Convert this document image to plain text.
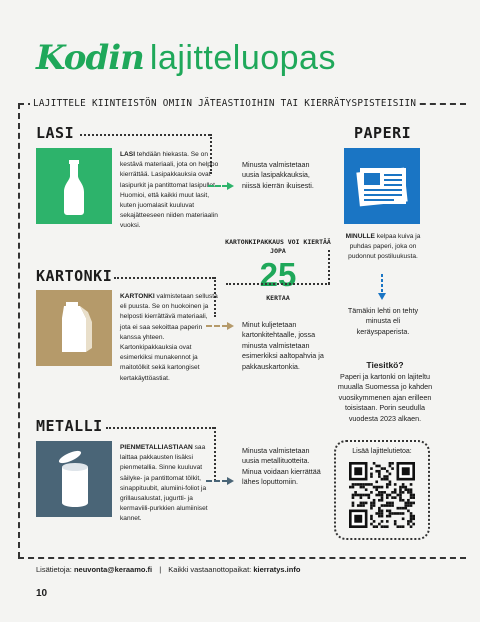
Kodin lajitteluopas
LAJITTELE KIINTEISTÖN OMIIN JÄTEASTIOIHIN TAI KIERRÄTYSPISTEISIIN
LASI
LASI tehdään hiekasta. Se on kestävä materiaali, jota on helppo kierrättää. Lasipakkauksia ovat lasipurkit ja pantittomat lasipullot. Huomioi, että kaikki muut lasit, kuten juomalasit kuuluvat sekajätteeseen niiden materiaalin vuoksi.
Minusta valmistetaan uusia lasipakkauksia, niissä kierrän ikuisesti.
PAPERI
MINULLE kelpaa kuiva ja puhdas paperi, joka on pudonnut postiluukusta.
Tämäkin lehti on tehty minusta eli keräyspaperista.
KARTONKIPAKKAUS VOI KIERTÄÄ JOPA
25
KERTAA
KARTONKI
KARTONKI valmistetaan sellusta eli puusta. Se on huokoinen ja helposti kierrättävä materiaali, jota ei saa sekoittaa paperin kanssa yhteen. Kartonkipakkauksia ovat esimerkiksi munakennot ja maitotölkit sekä kartongiset kertakäyttöastiat.
Minut kuljetetaan kartonkitehtaalle, jossa minusta valmistetaan esimerkiksi aaltopahvia ja pakkauskartonkia.	Tiesitkö?
Paperi ja kartonki on lajiteltu muualla Suomessa jo kahden vuosikymmenen ajan erilleen toisistaan. Porin seudulla vuodesta 2023 alkaen.
METALLI
PIENMETALLIASTIAAN saa laittaa pakkausten lisäksi pienmetallia. Sinne kuuluvat säilyke- ja pantittomat tölkit, sinappituubit, alumiini-foliot ja grillausalustat, jugurtti- ja kermaviili-purkkien alumiiniset kannet.
Minusta valmistetaan uusia metallituotteita. Minua voidaan kierrättää lähes loputtomiin.
Lisää lajittelutietoa:
Lisätietoja: neuvonta@keraamo.fi | Kaikki vastaanottopaikat: kierratys.info
10
